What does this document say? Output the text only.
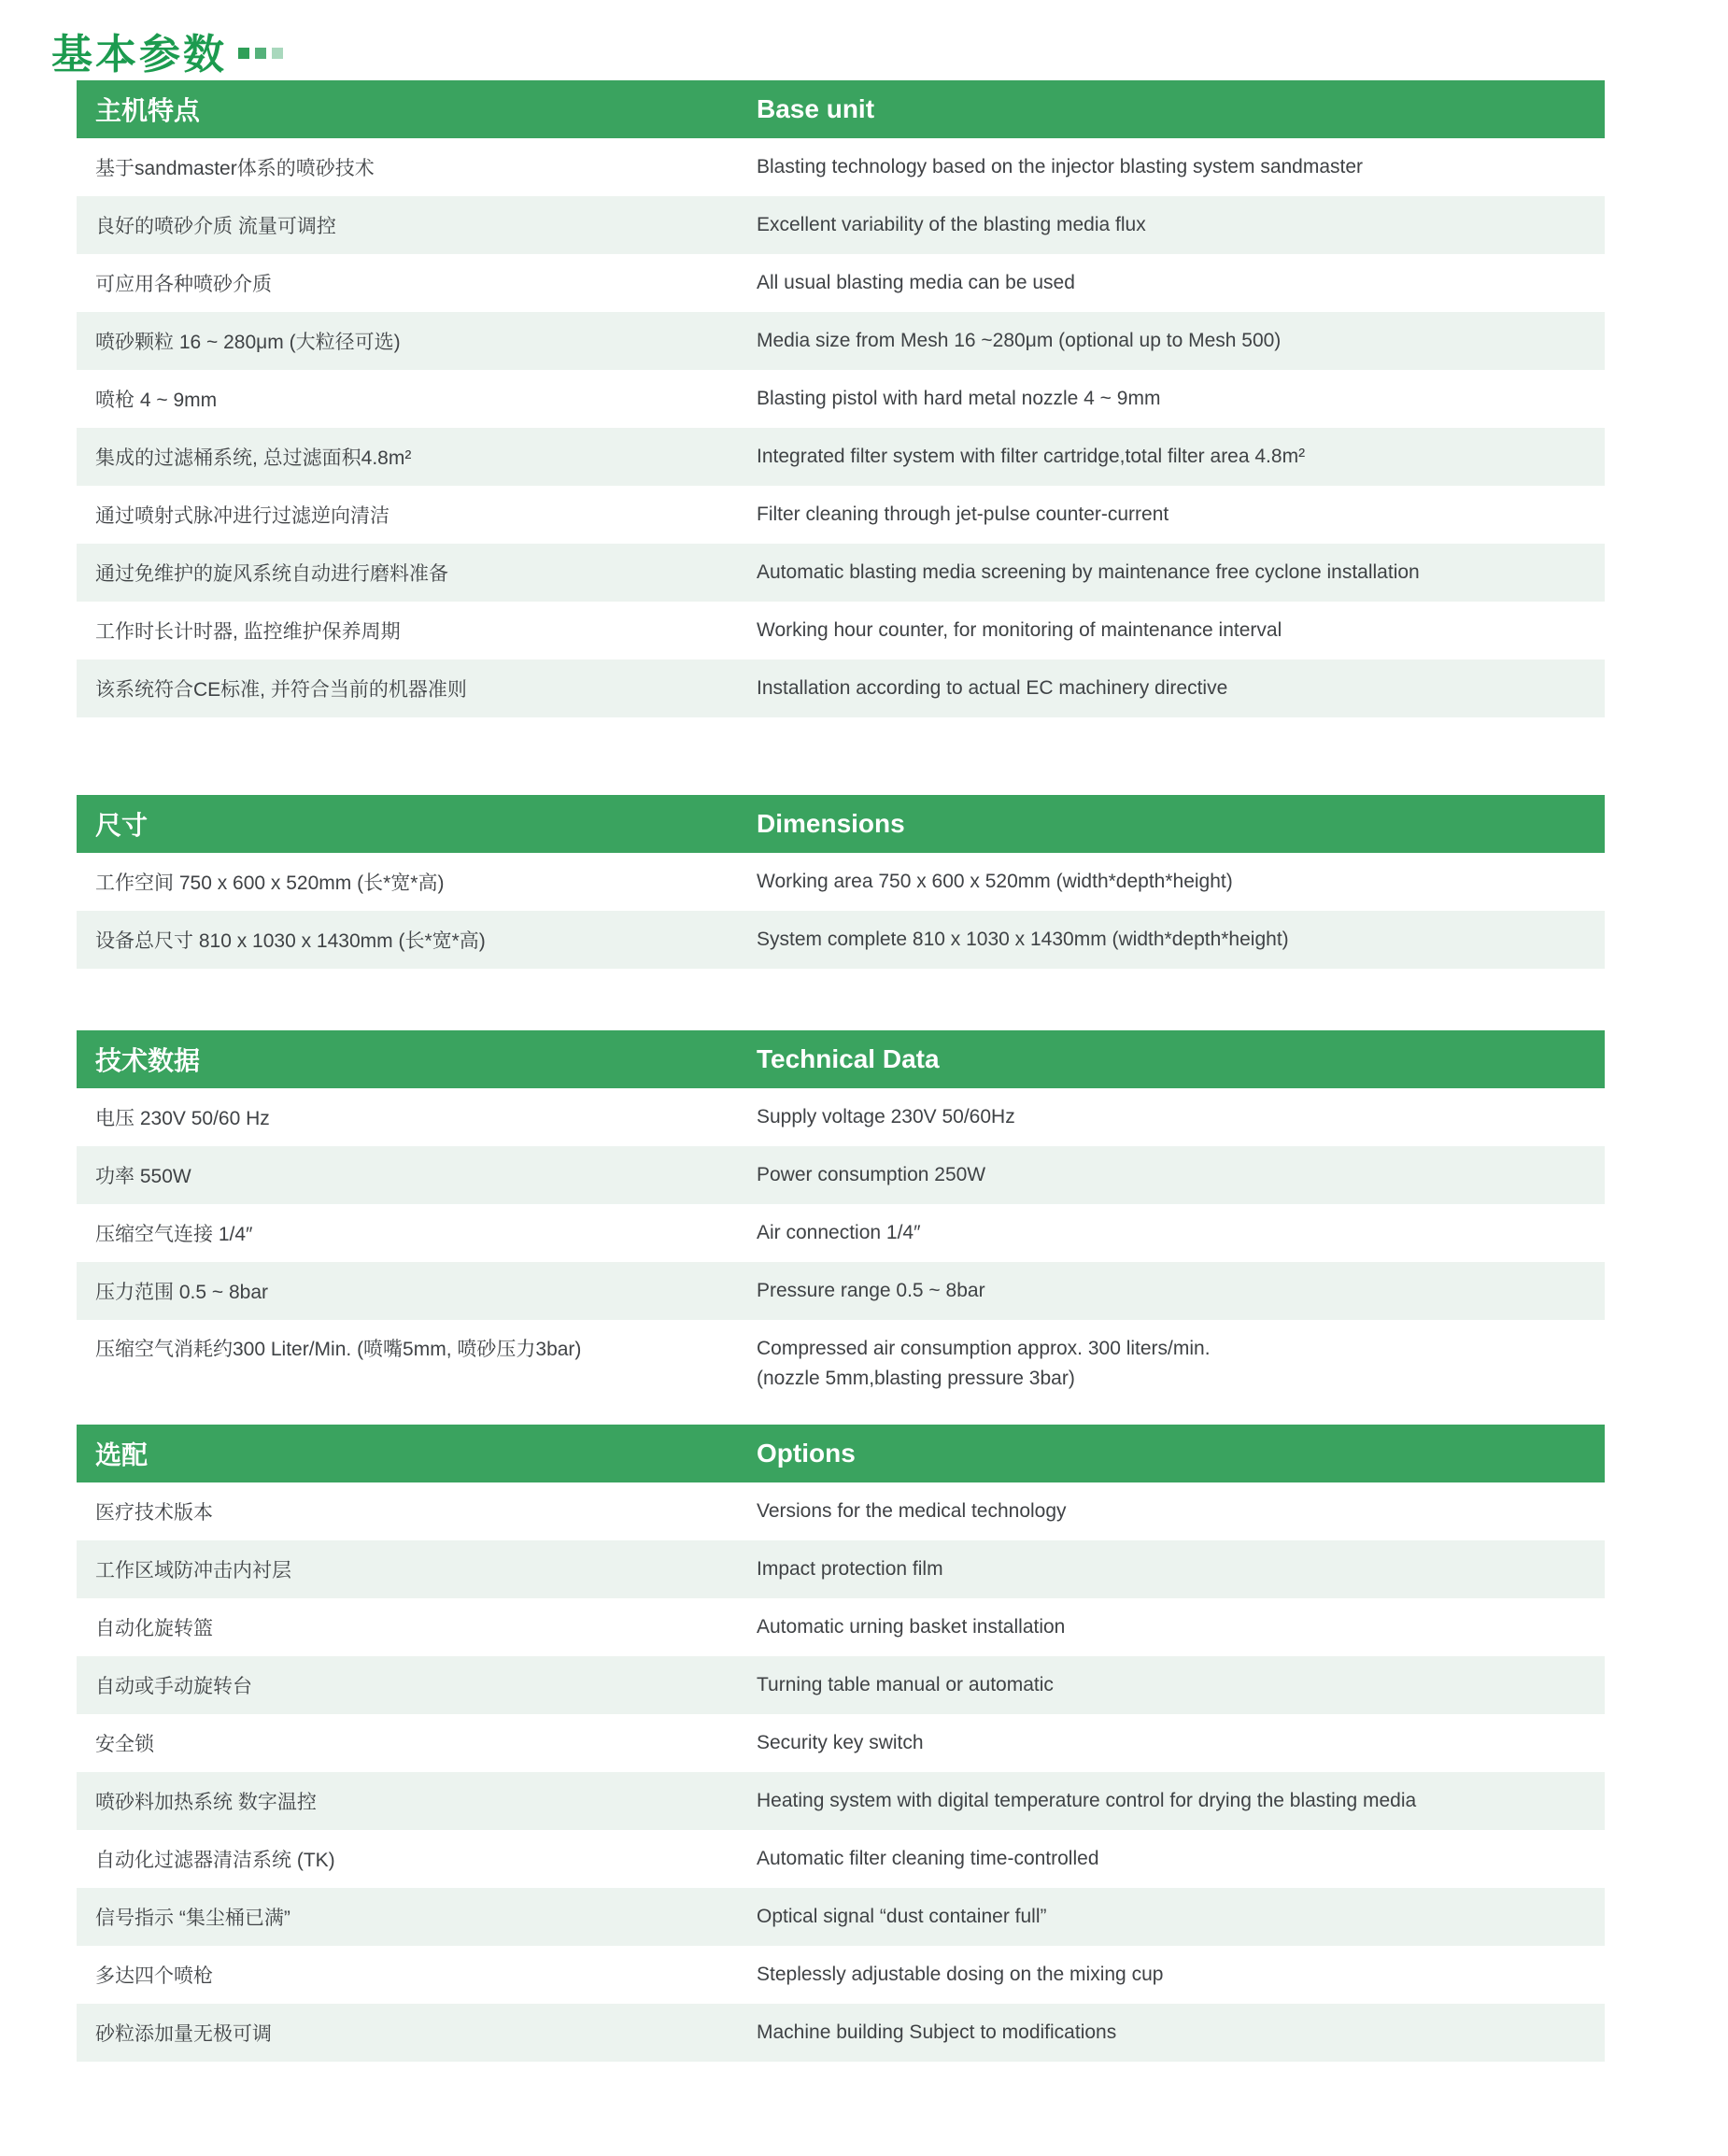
基本参数
主机特点	Base unit
基于sandmaster体系的喷砂技术	Blasting technology based on the injector blasting system sandmaster
良好的喷砂介质 流量可调控	Excellent variability of the blasting media flux
可应用各种喷砂介质	All usual blasting media can be used
喷砂颗粒 16 ~ 280μm (大粒径可选)	Media size from Mesh 16 ~280μm (optional up to Mesh 500)
喷枪 4 ~ 9mm	Blasting pistol with hard metal nozzle 4 ~ 9mm
集成的过滤桶系统, 总过滤面积4.8m²	Integrated filter system with filter cartridge,total filter area 4.8m²
通过喷射式脉冲进行过滤逆向清洁	Filter cleaning through jet-pulse counter-current
通过免维护的旋风系统自动进行磨料准备	Automatic blasting media screening by maintenance free cyclone installation
工作时长计时器, 监控维护保养周期	Working hour counter, for monitoring of maintenance interval
该系统符合CE标准, 并符合当前的机器准则	Installation according to actual EC machinery directive
尺寸	Dimensions
工作空间 750 x 600 x 520mm (长*宽*高)	Working area 750 x 600 x 520mm (width*depth*height)
设备总尺寸 810 x 1030 x 1430mm (长*宽*高)	System complete 810 x 1030 x 1430mm (width*depth*height)
技术数据	Technical Data
电压 230V 50/60 Hz	Supply voltage 230V 50/60Hz
功率 550W	Power consumption 250W
压缩空气连接 1/4″	Air connection 1/4″
压力范围 0.5 ~ 8bar	Pressure range 0.5 ~ 8bar
压缩空气消耗约300 Liter/Min. (喷嘴5mm, 喷砂压力3bar)	Compressed air consumption approx. 300 liters/min.
(nozzle 5mm,blasting pressure 3bar)
选配	Options
医疗技术版本	Versions for the medical technology
工作区域防冲击内衬层	Impact protection film
自动化旋转篮	Automatic urning basket installation
自动或手动旋转台	Turning table manual or automatic
安全锁	Security key switch
喷砂料加热系统 数字温控	Heating system with digital temperature control for drying the blasting media
自动化过滤器清洁系统 (TK)	Automatic filter cleaning time-controlled
信号指示 “集尘桶已满”	Optical signal “dust container full”
多达四个喷枪	Steplessly adjustable dosing on the mixing cup
砂粒添加量无极可调	Machine building Subject to modifications
